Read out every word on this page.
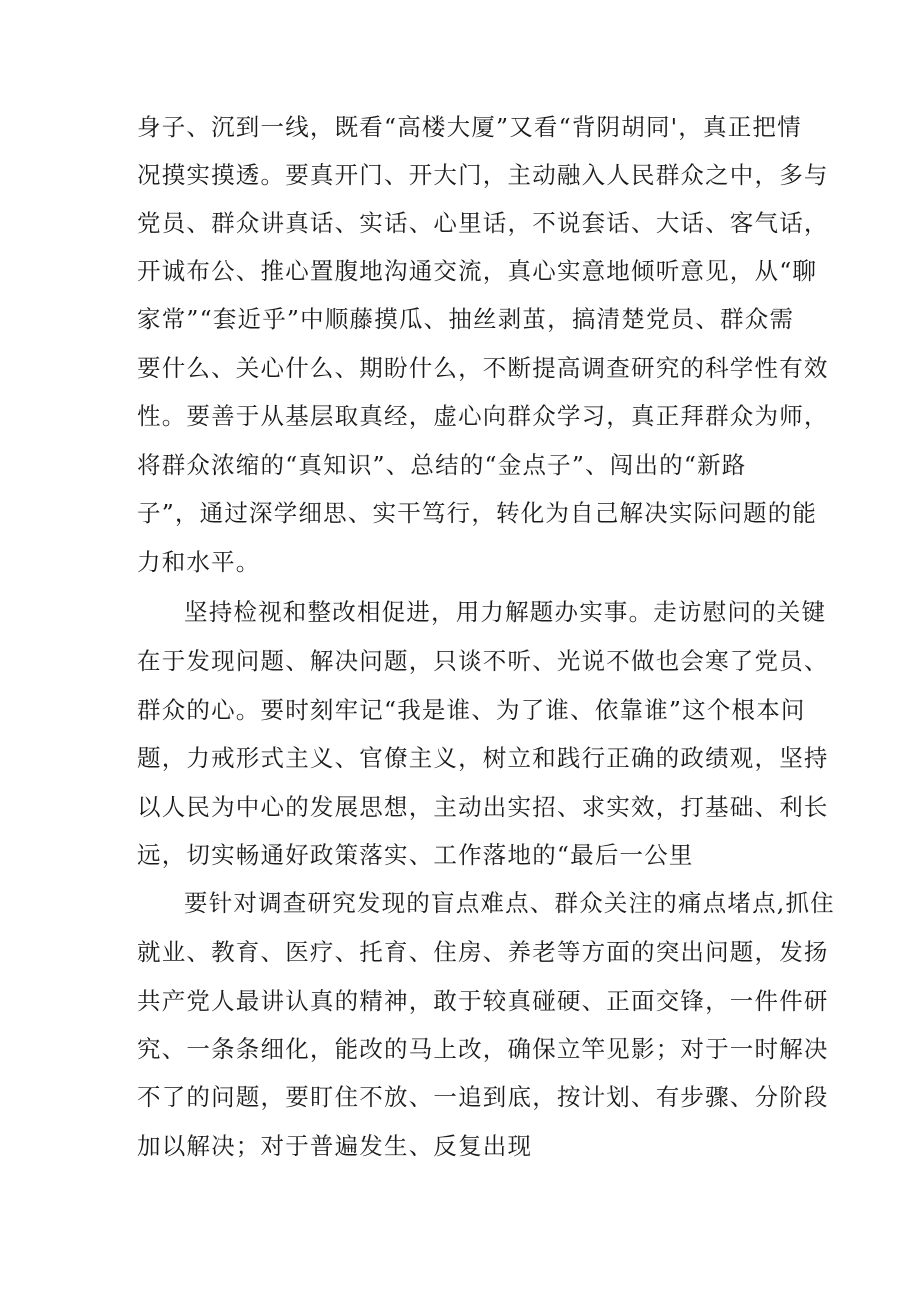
身子、沉到一线，既看“高楼大厦”又看“背阴胡同'，真正把情
况摸实摸透。要真开门、开大门，主动融入人民群众之中，多与
党员、群众讲真话、实话、心里话，不说套话、大话、客气话，
开诚布公、推心置腹地沟通交流，真心实意地倾听意见，从“聊
家常”“套近乎”中顺藤摸瓜、抽丝剥茧，搞清楚党员、群众需
要什么、关心什么、期盼什么，不断提高调查研究的科学性有效
性。要善于从基层取真经，虚心向群众学习，真正拜群众为师，
将群众浓缩的“真知识”、总结的“金点子”、闯出的“新路
子”，通过深学细思、实干笃行，转化为自己解决实际问题的能
力和水平。
坚持检视和整改相促进，用力解题办实事。走访慰问的关键
在于发现问题、解决问题，只谈不听、光说不做也会寒了党员、
群众的心。要时刻牢记“我是谁、为了谁、依靠谁”这个根本问
题，力戒形式主义、官僚主义，树立和践行正确的政绩观，坚持
以人民为中心的发展思想，主动出实招、求实效，打基础、利长
远，切实畅通好政策落实、工作落地的“最后一公里
要针对调查研究发现的盲点难点、群众关注的痛点堵点,抓住
就业、教育、医疗、托育、住房、养老等方面的突出问题，发扬
共产党人最讲认真的精神，敢于较真碰硬、正面交锋，一件件研
究、一条条细化，能改的马上改，确保立竿见影；对于一时解决
不了的问题，要盯住不放、一追到底，按计划、有步骤、分阶段
加以解决；对于普遍发生、反复出现
